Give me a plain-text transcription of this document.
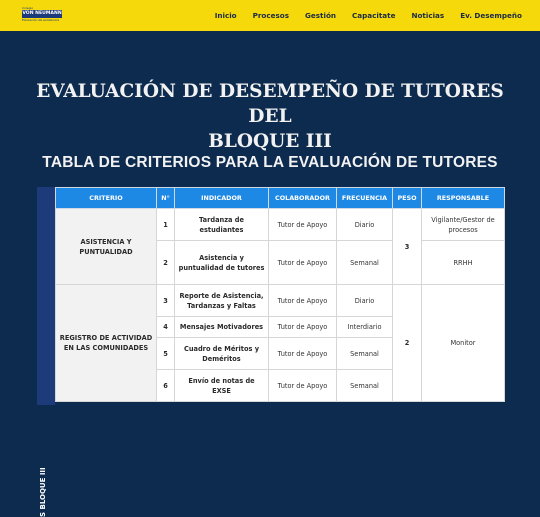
Colegio
VON NEUMANN
Educación de excelencia	Inicio Procesos Gestión Capacitate Noticias Ev. Desempeño
EVALUACIÓN DE DESEMPEÑO DE TUTORES DEL
BLOQUE III
TABLA DE CRITERIOS PARA LA EVALUACIÓN DE TUTORES
S BLOQUE III
CRITERIO	N°	INDICADOR	COLABORADOR	FRECUENCIA	PESO	RESPONSABLE
ASISTENCIA Y PUNTUALIDAD	1	Tardanza de estudiantes	Tutor de Apoyo	Diario	3	Vigilante/Gestor de procesos
	2	Asistencia y puntualidad de tutores	Tutor de Apoyo	Semanal		RRHH
REGISTRO DE ACTIVIDAD EN LAS COMUNIDADES	3	Reporte de Asistencia, Tardanzas y Faltas	Tutor de Apoyo	Diario	2	Monitor
	4	Mensajes Motivadores	Tutor de Apoyo	Interdiario		
	5	Cuadro de Méritos y Deméritos	Tutor de Apoyo	Semanal		
	6	Envío de notas de EXSE	Tutor de Apoyo	Semanal		
